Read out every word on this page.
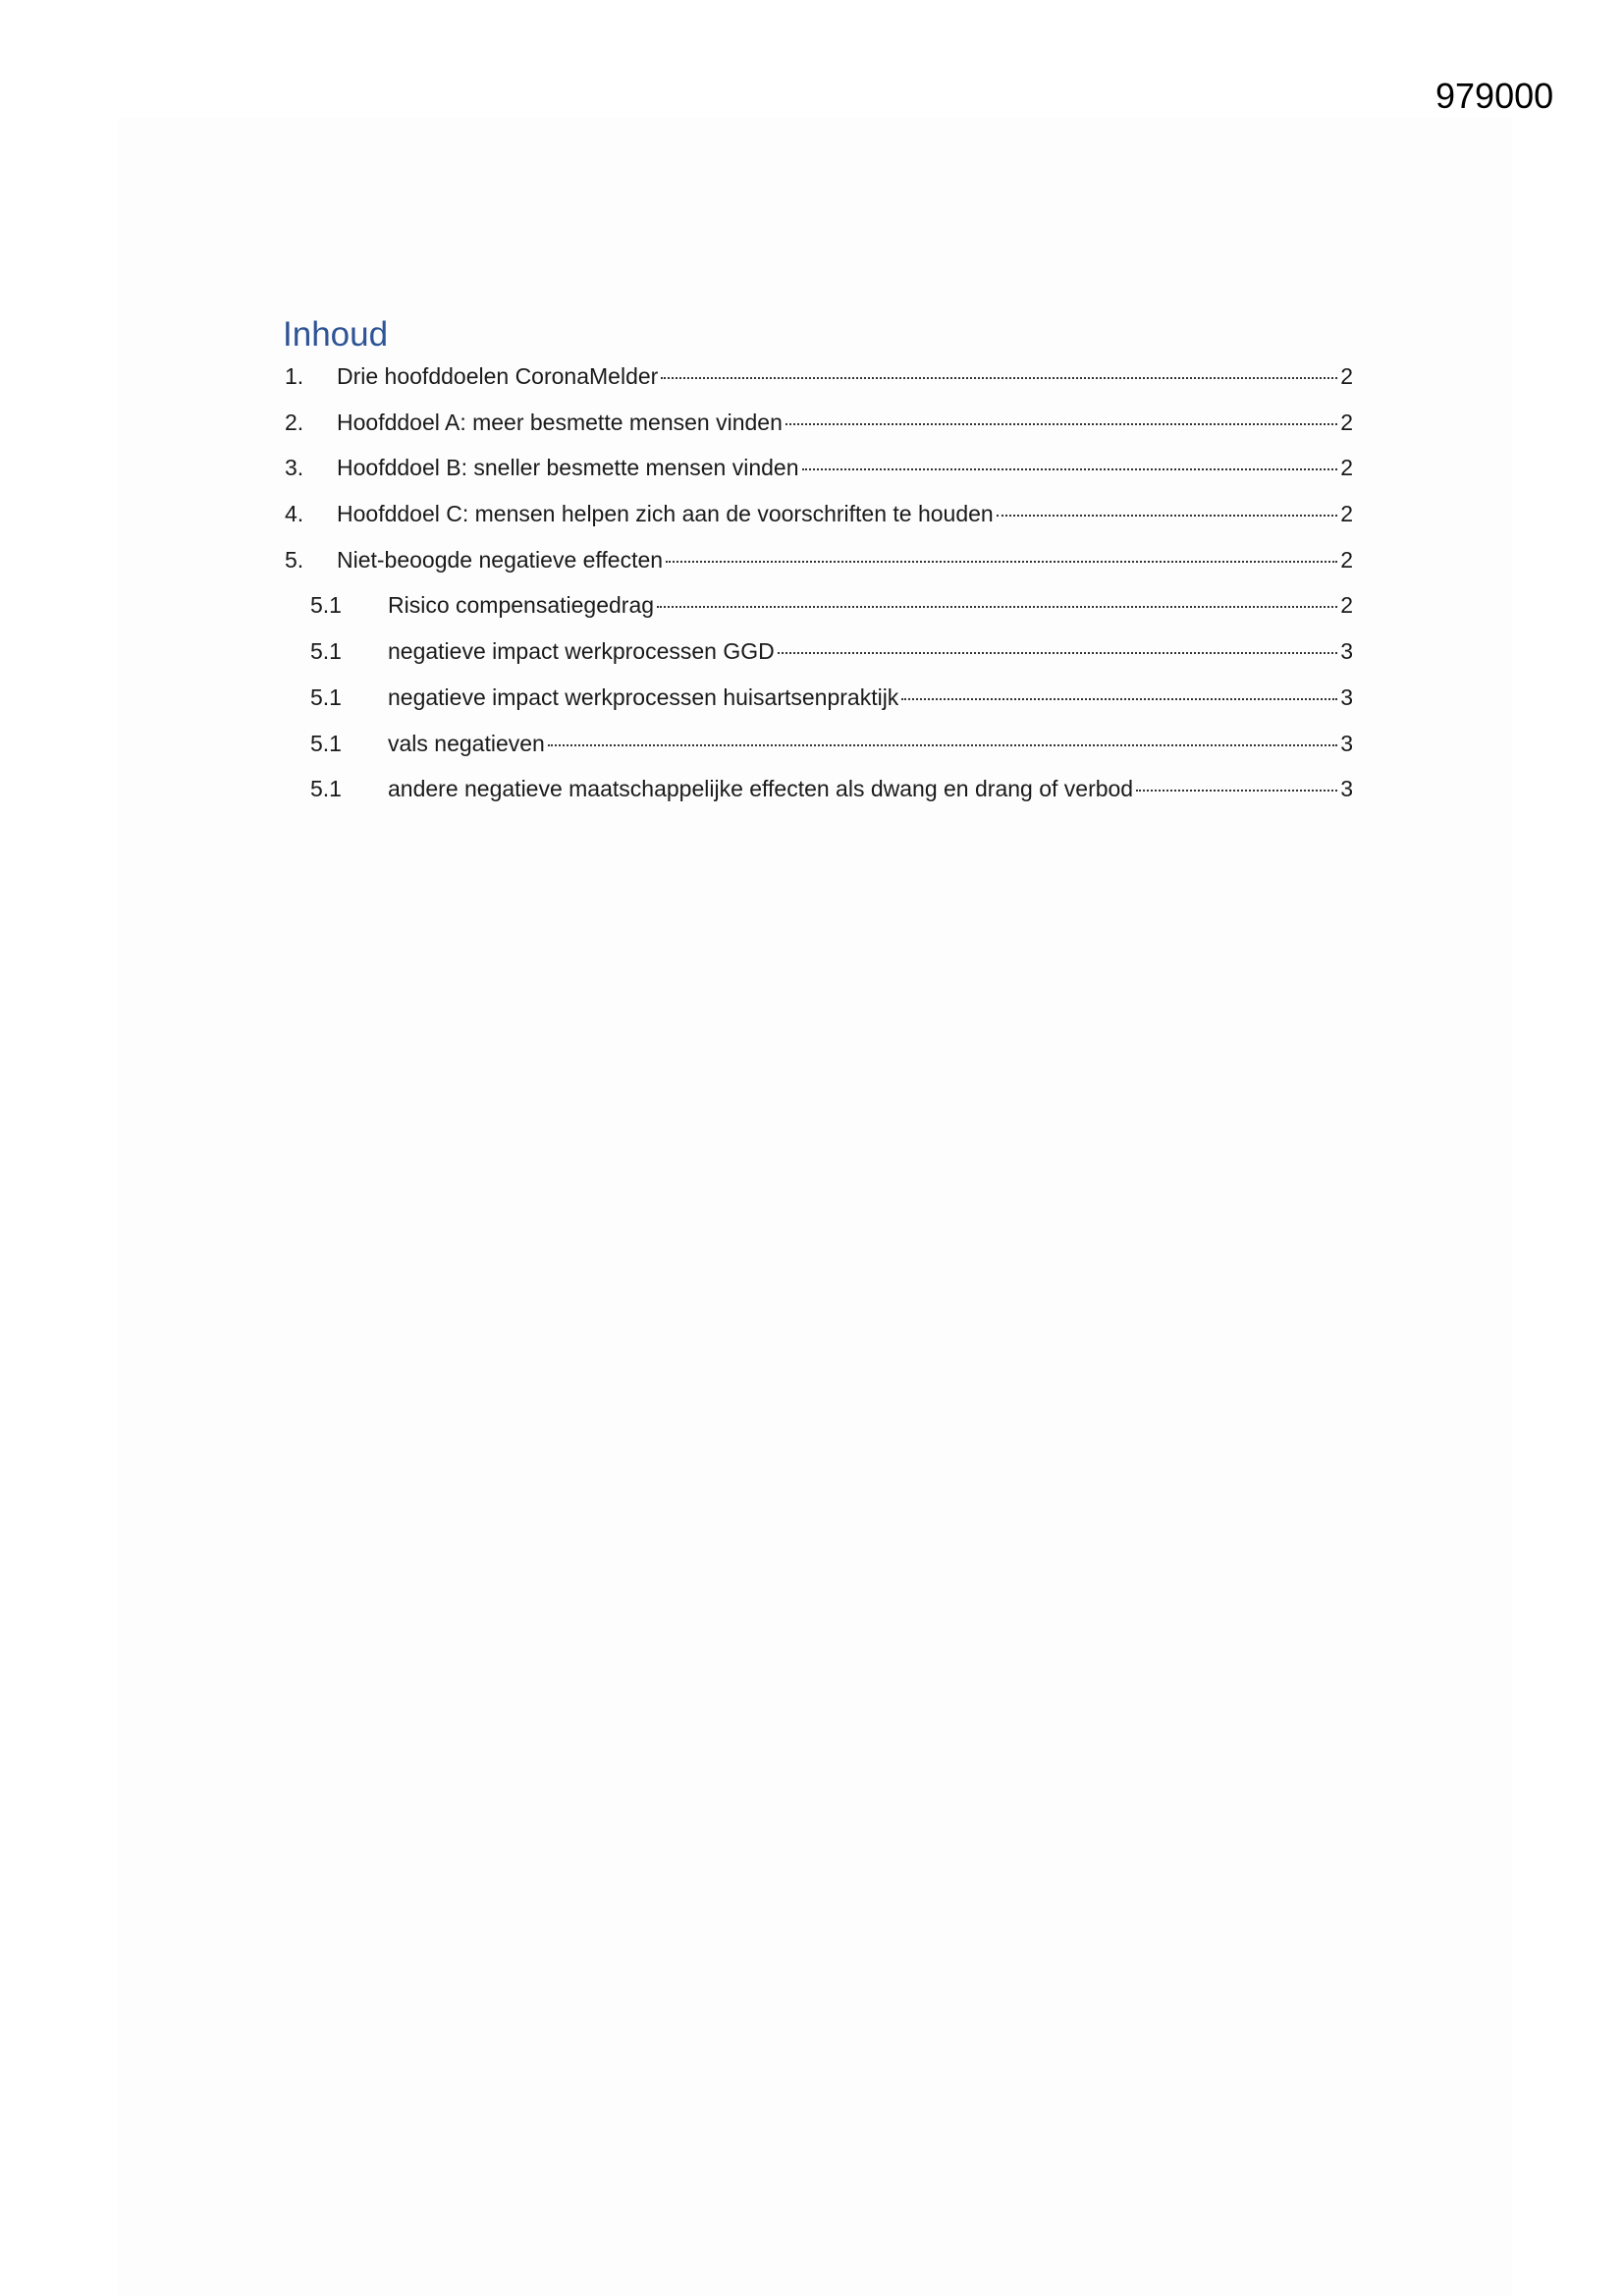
979000
Inhoud
1.	Drie hoofddoelen CoronaMelder	2
2.	Hoofddoel A: meer besmette mensen vinden	2
3.	Hoofddoel B: sneller besmette mensen vinden	2
4.	Hoofddoel C: mensen helpen zich aan de voorschriften te houden	2
5.	Niet-beoogde negatieve effecten	2
5.1	Risico compensatiegedrag	2
5.1	negatieve impact werkprocessen GGD	3
5.1	negatieve impact werkprocessen huisartsenpraktijk	3
5.1	vals negatieven	3
5.1	andere negatieve maatschappelijke effecten als dwang en drang of verbod	3
